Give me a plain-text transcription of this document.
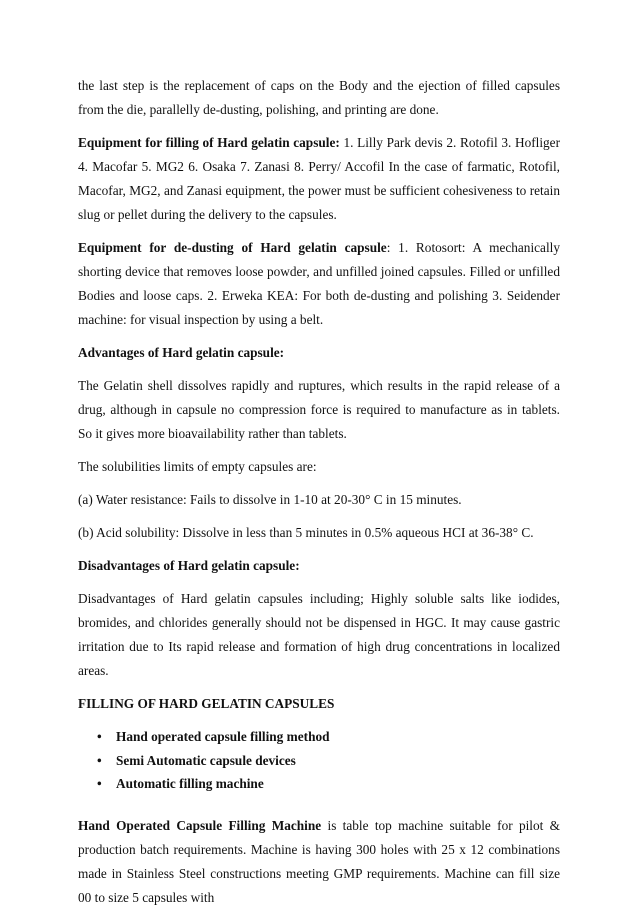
the last step is the replacement of caps on the Body and the ejection of filled capsules from the die, parallelly de-dusting, polishing, and printing are done.

Equipment for filling of Hard gelatin capsule: 1. Lilly Park devis 2. Rotofil 3. Hofliger 4. Macofar 5. MG2 6. Osaka 7. Zanasi 8. Perry/ Accofil In the case of farmatic, Rotofil, Macofar, MG2, and Zanasi equipment, the power must be sufficient cohesiveness to retain slug or pellet during the delivery to the capsules.

Equipment for de-dusting of Hard gelatin capsule: 1. Rotosort: A mechanically shorting device that removes loose powder, and unfilled joined capsules. Filled or unfilled Bodies and loose caps. 2. Erweka KEA: For both de-dusting and polishing 3. Seidender machine: for visual inspection by using a belt.

Advantages of Hard gelatin capsule:

The Gelatin shell dissolves rapidly and ruptures, which results in the rapid release of a drug, although in capsule no compression force is required to manufacture as in tablets. So it gives more bioavailability rather than tablets.

The solubilities limits of empty capsules are:

(a) Water resistance: Fails to dissolve in 1-10 at 20-30° C in 15 minutes.

(b) Acid solubility: Dissolve in less than 5 minutes in 0.5% aqueous HCI at 36-38° C.

Disadvantages of Hard gelatin capsule:

Disadvantages of Hard gelatin capsules including; Highly soluble salts like iodides, bromides, and chlorides generally should not be dispensed in HGC. It may cause gastric irritation due to Its rapid release and formation of high drug concentrations in localized areas.

FILLING OF HARD GELATIN CAPSULES

• Hand operated capsule filling method
• Semi Automatic capsule devices
• Automatic filling machine

Hand Operated Capsule Filling Machine is table top machine suitable for pilot & production batch requirements. Machine is having 300 holes with 25 x 12 combinations made in Stainless Steel constructions meeting GMP requirements. Machine can fill size 00 to size 5 capsules with
